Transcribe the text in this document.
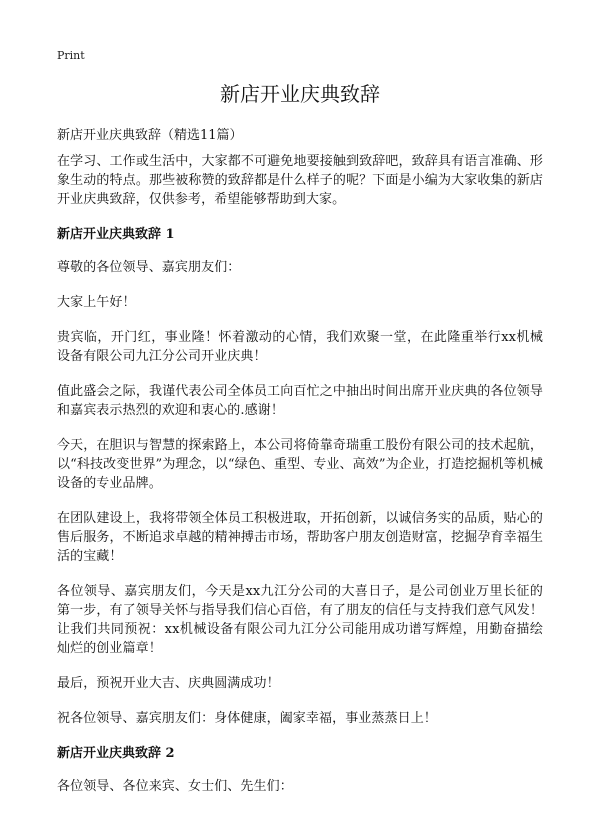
Print
新店开业庆典致辞
新店开业庆典致辞（精选11篇）

在学习、工作或生活中，大家都不可避免地要接触到致辞吧，致辞具有语言准确、形象生动的特点。那些被称赞的致辞都是什么样子的呢？下面是小编为大家收集的新店开业庆典致辞，仅供参考，希望能够帮助到大家。

新店开业庆典致辞 1

尊敬的各位领导、嘉宾朋友们：

大家上午好！

贵宾临，开门红，事业隆！怀着激动的心情，我们欢聚一堂，在此隆重举行xx机械设备有限公司九江分公司开业庆典！

值此盛会之际，我谨代表公司全体员工向百忙之中抽出时间出席开业庆典的各位领导和嘉宾表示热烈的欢迎和衷心的.感谢！

今天，在胆识与智慧的探索路上，本公司将倚靠奇瑞重工股份有限公司的技术起航，以“科技改变世界”为理念，以“绿色、重型、专业、高效”为企业，打造挖掘机等机械设备的专业品牌。

在团队建设上，我将带领全体员工积极进取，开拓创新，以诚信务实的品质，贴心的售后服务，不断追求卓越的精神搏击市场，帮助客户朋友创造财富，挖掘孕育幸福生活的宝藏！

各位领导、嘉宾朋友们，今天是xx九江分公司的大喜日子，是公司创业万里长征的第一步，有了领导关怀与指导我们信心百倍，有了朋友的信任与支持我们意气风发！让我们共同预祝：xx机械设备有限公司九江分公司能用成功谱写辉煌，用勤奋描绘灿烂的创业篇章！

最后，预祝开业大吉、庆典圆满成功！

祝各位领导、嘉宾朋友们：身体健康，阖家幸福，事业蒸蒸日上！

新店开业庆典致辞 2

各位领导、各位来宾、女士们、先生们：
